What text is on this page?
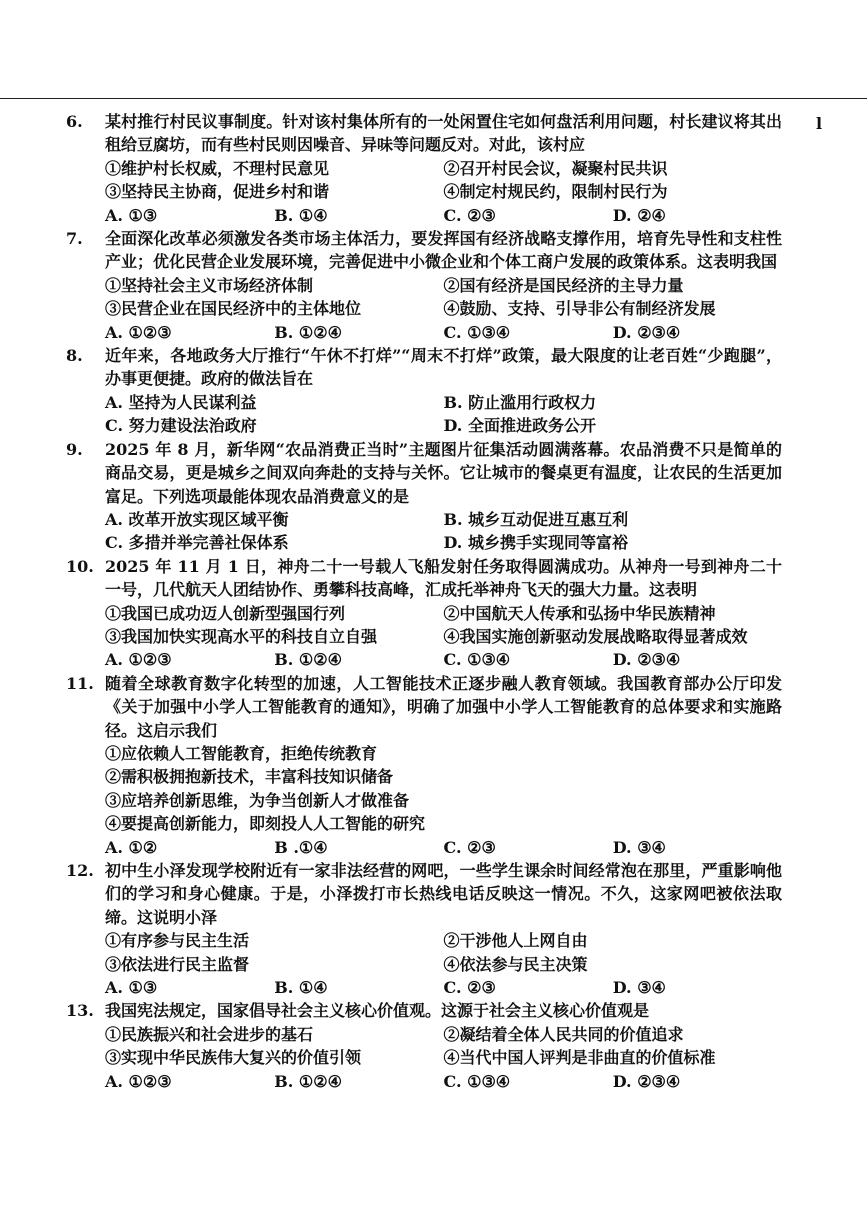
l
6.	某村推行村民议事制度。针对该村集体所有的一处闲置住宅如何盘活利用问题，村长建议将其出租给豆腐坊，而有些村民则因噪音、异味等问题反对。对此，该村应
①维护村长权威，不理村民意见	②召开村民会议，凝聚村民共识
③坚持民主协商，促进乡村和谐	④制定村规民约，限制村民行为
A. ①③	B. ①④	C. ②③	D. ②④
7.	全面深化改革必须激发各类市场主体活力，要发挥国有经济战略支撑作用，培育先导性和支柱性产业；优化民营企业发展环境，完善促进中小微企业和个体工商户发展的政策体系。这表明我国
①坚持社会主义市场经济体制	②国有经济是国民经济的主导力量
③民营企业在国民经济中的主体地位	④鼓励、支持、引导非公有制经济发展
A. ①②③	B. ①②④	C. ①③④	D. ②③④
8.	近年来，各地政务大厅推行“午休不打烊”“周末不打烊”政策，最大限度的让老百姓“少跑腿”，办事更便捷。政府的做法旨在
A. 坚持为人民谋利益	B. 防止滥用行政权力
C. 努力建设法治政府	D. 全面推进政务公开
9.	2025 年 8 月，新华网“农品消费正当时”主题图片征集活动圆满落幕。农品消费不只是简单的商品交易，更是城乡之间双向奔赴的支持与关怀。它让城市的餐桌更有温度，让农民的生活更加富足。下列选项最能体现农品消费意义的是
A. 改革开放实现区域平衡	B. 城乡互动促进互惠互利
C. 多措并举完善社保体系	D. 城乡携手实现同等富裕
10. 2025 年 11 月 1 日，神舟二十一号载人飞船发射任务取得圆满成功。从神舟一号到神舟二十一号，几代航天人团结协作、勇攀科技高峰，汇成托举神舟飞天的强大力量。这表明
①我国已成功迈人创新型强国行列	②中国航天人传承和弘扬中华民族精神
③我国加快实现高水平的科技自立自强	④我国实施创新驱动发展战略取得显著成效
A. ①②③	B. ①②④	C. ①③④	D. ②③④
11. 随着全球教育数字化转型的加速，人工智能技术正逐步融人教育领域。我国教育部办公厅印发《关于加强中小学人工智能教育的通知》，明确了加强中小学人工智能教育的总体要求和实施路径。这启示我们
①应依赖人工智能教育，拒绝传统教育
②需积极拥抱新技术，丰富科技知识储备
③应培养创新思维，为争当创新人才做准备
④要提高创新能力，即刻投人人工智能的研究
A. ①②	B .①④	C. ②③	D. ③④
12. 初中生小泽发现学校附近有一家非法经营的网吧，一些学生课余时间经常泡在那里，严重影响他们的学习和身心健康。于是，小泽拨打市长热线电话反映这一情况。不久，这家网吧被依法取缔。这说明小泽
①有序参与民主生活	②干涉他人上网自由
③依法进行民主监督	④依法参与民主决策
A. ①③	B. ①④	C. ②③	D. ③④
13. 我国宪法规定，国家倡导社会主义核心价值观。这源于社会主义核心价值观是
①民族振兴和社会进步的基石	②凝结着全体人民共同的价值追求
③实现中华民族伟大复兴的价值引领	④当代中国人评判是非曲直的价值标准
A. ①②③	B. ①②④	C. ①③④	D. ②③④
